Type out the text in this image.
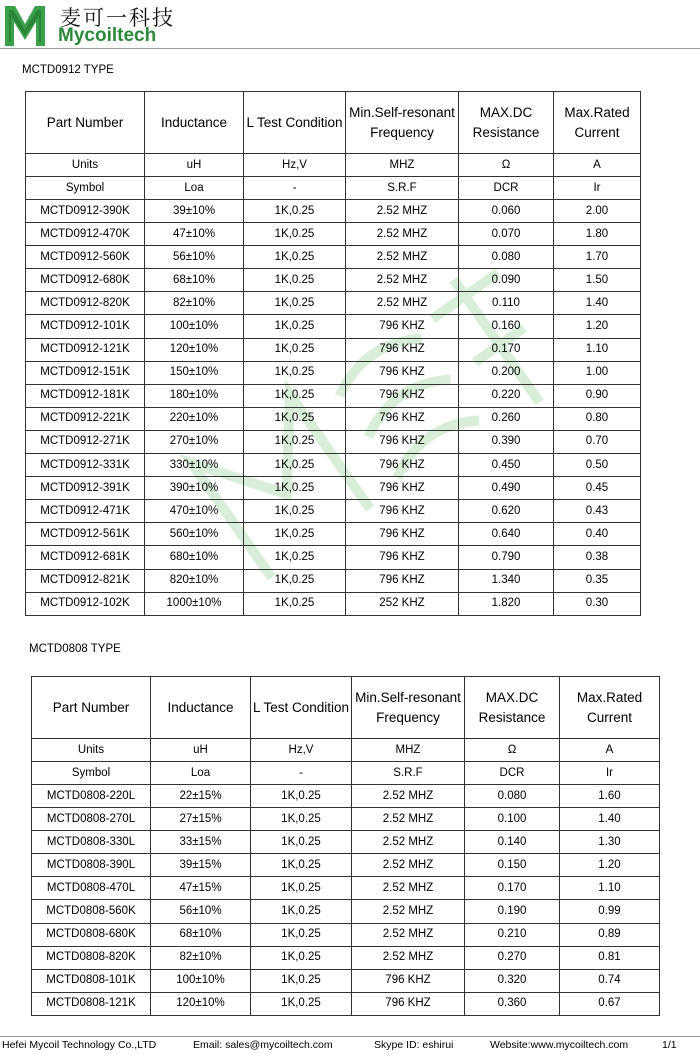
麦可一科技
Mycoiltech
MCTD0912 TYPE
Part Number	Inductance	L Test Condition	Min.Self-resonant Frequency	MAX.DC Resistance	Max.Rated Current
Units	uH	Hz,V	MHZ	Ω	A
Symbol	Loa	-	S.R.F	DCR	Ir
MCTD0912-390K	39±10%	1K,0.25	2.52 MHZ	0.060	2.00
MCTD0912-470K	47±10%	1K,0.25	2.52 MHZ	0.070	1.80
MCTD0912-560K	56±10%	1K,0.25	2.52 MHZ	0.080	1.70
MCTD0912-680K	68±10%	1K,0.25	2.52 MHZ	0.090	1.50
MCTD0912-820K	82±10%	1K,0.25	2.52 MHZ	0.110	1.40
MCTD0912-101K	100±10%	1K,0.25	796 KHZ	0.160	1.20
MCTD0912-121K	120±10%	1K,0.25	796 KHZ	0.170	1.10
MCTD0912-151K	150±10%	1K,0.25	796 KHZ	0.200	1.00
MCTD0912-181K	180±10%	1K,0.25	796 KHZ	0.220	0.90
MCTD0912-221K	220±10%	1K,0.25	796 KHZ	0.260	0.80
MCTD0912-271K	270±10%	1K,0.25	796 KHZ	0.390	0.70
MCTD0912-331K	330±10%	1K,0.25	796 KHZ	0.450	0.50
MCTD0912-391K	390±10%	1K,0.25	796 KHZ	0.490	0.45
MCTD0912-471K	470±10%	1K,0.25	796 KHZ	0.620	0.43
MCTD0912-561K	560±10%	1K,0.25	796 KHZ	0.640	0.40
MCTD0912-681K	680±10%	1K,0.25	796 KHZ	0.790	0.38
MCTD0912-821K	820±10%	1K,0.25	796 KHZ	1.340	0.35
MCTD0912-102K	1000±10%	1K,0.25	252 KHZ	1.820	0.30
MCTD0808 TYPE
Part Number	Inductance	L Test Condition	Min.Self-resonant Frequency	MAX.DC Resistance	Max.Rated Current
Units	uH	Hz,V	MHZ	Ω	A
Symbol	Loa	-	S.R.F	DCR	Ir
MCTD0808-220L	22±15%	1K,0.25	2.52 MHZ	0.080	1.60
MCTD0808-270L	27±15%	1K,0.25	2.52 MHZ	0.100	1.40
MCTD0808-330L	33±15%	1K,0.25	2.52 MHZ	0.140	1.30
MCTD0808-390L	39±15%	1K,0.25	2.52 MHZ	0.150	1.20
MCTD0808-470L	47±15%	1K,0.25	2.52 MHZ	0.170	1.10
MCTD0808-560K	56±10%	1K,0.25	2.52 MHZ	0.190	0.99
MCTD0808-680K	68±10%	1K,0.25	2.52 MHZ	0.210	0.89
MCTD0808-820K	82±10%	1K,0.25	2.52 MHZ	0.270	0.81
MCTD0808-101K	100±10%	1K,0.25	796 KHZ	0.320	0.74
MCTD0808-121K	120±10%	1K,0.25	796 KHZ	0.360	0.67
Hefei Mycoil Technology Co.,LTD	Email: sales@mycoiltech.com	Skype ID: eshirui	Website:www.mycoiltech.com	1/1
